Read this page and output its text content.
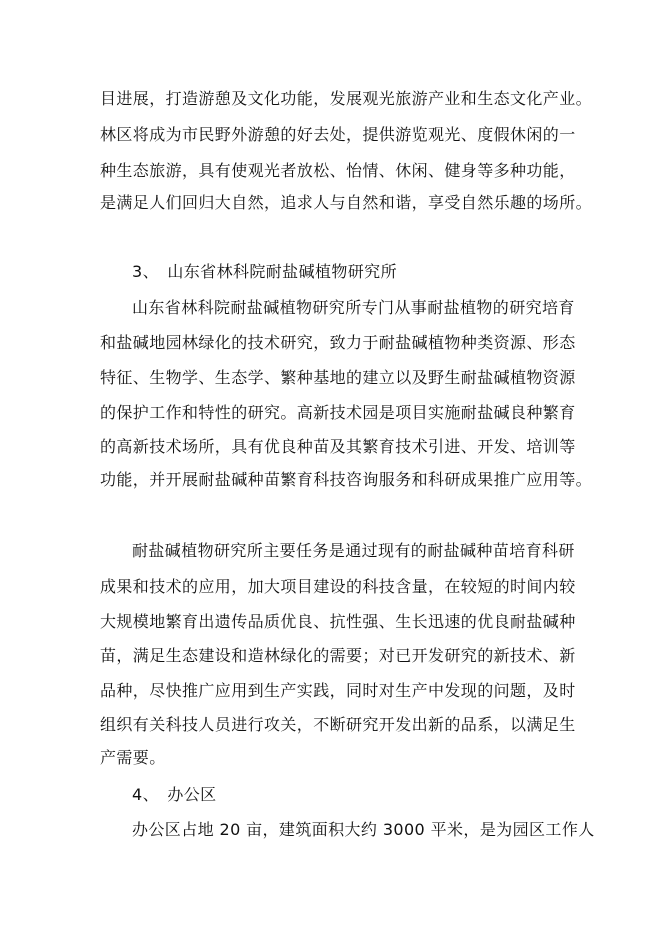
目进展，打造游憩及文化功能，发展观光旅游产业和生态文化产业。
林区将成为市民野外游憩的好去处，提供游览观光、度假休闲的一
种生态旅游，具有使观光者放松、怡情、休闲、健身等多种功能，
是满足人们回归大自然，追求人与自然和谐，享受自然乐趣的场所。
3、　山东省林科院耐盐碱植物研究所
山东省林科院耐盐碱植物研究所专门从事耐盐植物的研究培育
和盐碱地园林绿化的技术研究，致力于耐盐碱植物种类资源、形态
特征、生物学、生态学、繁种基地的建立以及野生耐盐碱植物资源
的保护工作和特性的研究。高新技术园是项目实施耐盐碱良种繁育
的高新技术场所，具有优良种苗及其繁育技术引进、开发、培训等
功能，并开展耐盐碱种苗繁育科技咨询服务和科研成果推广应用等。
耐盐碱植物研究所主要任务是通过现有的耐盐碱种苗培育科研
成果和技术的应用，加大项目建设的科技含量，在较短的时间内较
大规模地繁育出遗传品质优良、抗性强、生长迅速的优良耐盐碱种
苗，满足生态建设和造林绿化的需要；对已开发研究的新技术、新
品种，尽快推广应用到生产实践，同时对生产中发现的问题，及时
组织有关科技人员进行攻关，不断研究开发出新的品系，以满足生
产需要。
4、　办公区
办公区占地 20 亩，建筑面积大约 3000 平米，是为园区工作人
